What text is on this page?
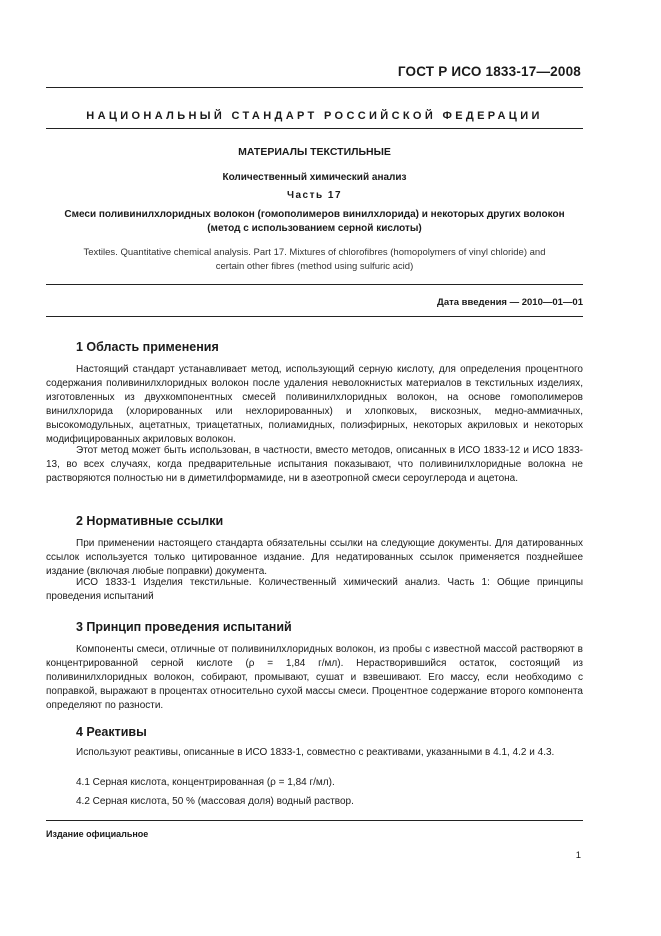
ГОСТ Р ИСО 1833-17—2008
НАЦИОНАЛЬНЫЙ СТАНДАРТ РОССИЙСКОЙ ФЕДЕРАЦИИ
МАТЕРИАЛЫ ТЕКСТИЛЬНЫЕ
Количественный химический анализ
Часть 17
Смеси поливинилхлоридных волокон (гомополимеров винилхлорида) и некоторых других волокон (метод с использованием серной кислоты)
Textiles. Quantitative chemical analysis. Part 17. Mixtures of chlorofibres (homopolymers of vinyl chloride) and certain other fibres (method using sulfuric acid)
Дата введения — 2010—01—01
1 Область применения

Настоящий стандарт устанавливает метод, использующий серную кислоту, для определения процентного содержания поливинилхлоридных волокон после удаления неволокнистых материалов в текстильных изделиях, изготовленных из двухкомпонентных смесей поливинилхлоридных волокон, на основе гомополимеров винилхлорида (хлорированных или нехлорированных) и хлопковых, вискозных, медно-аммиачных, высокомодульных, ацетатных, триацетатных, полиамидных, полиэфирных, некоторых акриловых и некоторых модифицированных акриловых волокон.

Этот метод может быть использован, в частности, вместо методов, описанных в ИСО 1833-12 и ИСО 1833-13, во всех случаях, когда предварительные испытания показывают, что поливинилхлоридные волокна не растворяются полностью ни в диметилформамиде, ни в азеотропной смеси сероуглерода и ацетона.

2 Нормативные ссылки

При применении настоящего стандарта обязательны ссылки на следующие документы. Для датированных ссылок используется только цитированное издание. Для недатированных ссылок применяется позднейшее издание (включая любые поправки) документа.

ИСО 1833-1 Изделия текстильные. Количественный химический анализ. Часть 1: Общие принципы проведения испытаний

3 Принцип проведения испытаний

Компоненты смеси, отличные от поливинилхлоридных волокон, из пробы с известной массой растворяют в концентрированной серной кислоте (ρ = 1,84 г/мл). Нерастворившийся остаток, состоящий из поливинилхлоридных волокон, собирают, промывают, сушат и взвешивают. Его массу, если необходимо с поправкой, выражают в процентах относительно сухой массы смеси. Процентное содержание второго компонента определяют по разности.

4 Реактивы

Используют реактивы, описанные в ИСО 1833-1, совместно с реактивами, указанными в 4.1, 4.2 и 4.3.

4.1 Серная кислота, концентрированная (ρ = 1,84 г/мл).
4.2 Серная кислота, 50 % (массовая доля) водный раствор.
Издание официальное
1
